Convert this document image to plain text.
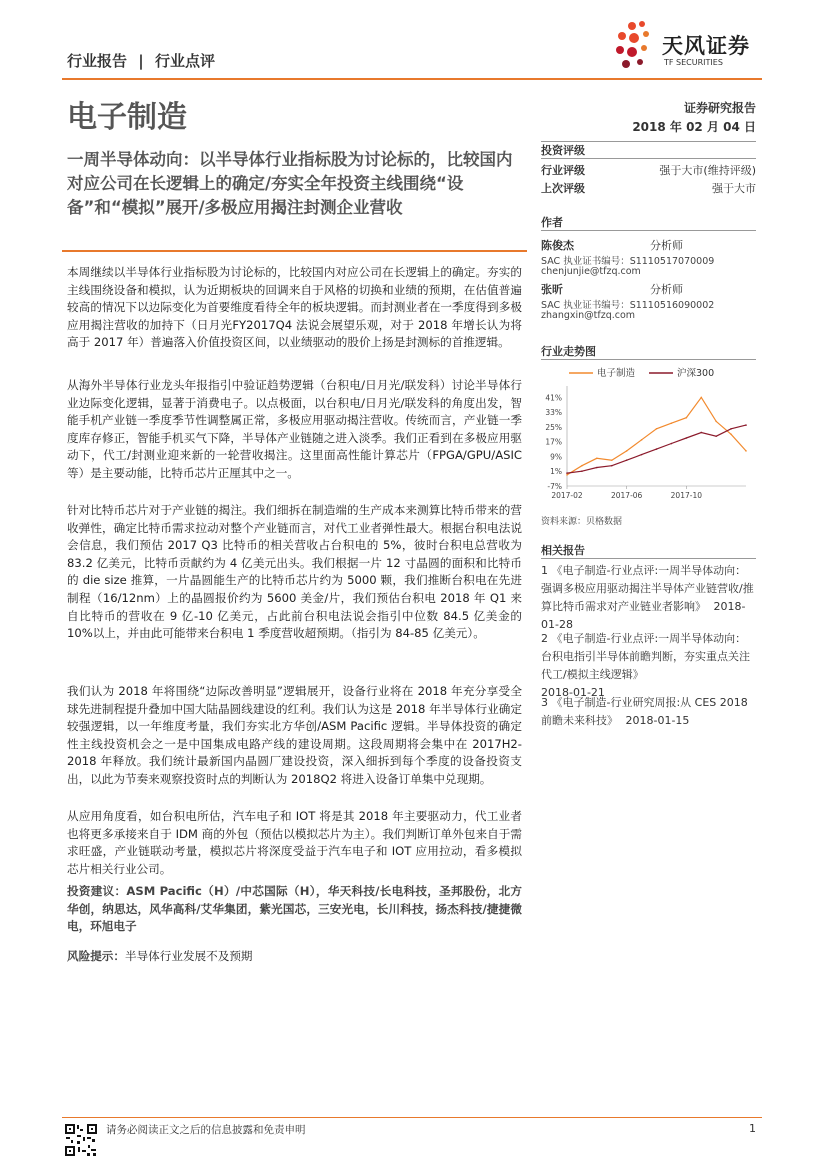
行业报告 | 行业点评
天风证券
TF SECURITIES
电子制造	证券研究报告
2018 年 02 月 04 日
一周半导体动向：以半导体行业指标股为讨论标的，比较国内对应公司在长逻辑上的确定/夯实全年投资主线围绕“设备”和“模拟”展开/多极应用揭注封测企业营收
本周继续以半导体行业指标股为讨论标的，比较国内对应公司在长逻辑上的确定。夯实的主线围绕设备和模拟，认为近期板块的回调来自于风格的切换和业绩的预期，在估值普遍较高的情况下以边际变化为首要维度看待全年的板块逻辑。而封测业者在一季度得到多极应用揭注营收的加持下（日月光FY2017Q4 法说会展望乐观，对于 2018 年增长认为将高于 2017 年）普遍落入价值投资区间，以业绩驱动的股价上扬是封测标的首推逻辑。
从海外半导体行业龙头年报指引中验证趋势逻辑（台积电/日月光/联发科）讨论半导体行业边际变化逻辑，显著于消费电子。以点极面，以台积电/日月光/联发科的角度出发，智能手机产业链一季度季节性调整属正常，多极应用驱动揭注营收。传统而言，产业链一季度库存修正，智能手机买气下降，半导体产业链随之进入淡季。我们正看到在多极应用驱动下，代工/封测业迎来新的一轮营收揭注。这里面高性能计算芯片（FPGA/GPU/ASIC 等）是主要动能，比特币芯片正厘其中之一。
针对比特币芯片对于产业链的揭注。我们细拆在制造端的生产成本来测算比特币带来的营收弹性，确定比特币需求拉动对整个产业链而言，对代工业者弹性最大。根据台积电法说会信息，我们预估 2017 Q3 比特币的相关营收占台积电的 5%，彼时台积电总营收为 83.2 亿美元，比特币贡献约为 4 亿美元出头。我们根据一片 12 寸晶圆的面积和比特币的 die size 推算，一片晶圆能生产的比特币芯片约为 5000 颗，我们推断台积电在先进制程（16/12nm）上的晶圆报价约为 5600 美金/片，我们预估台积电 2018 年 Q1 来自比特币的营收在 9 亿-10 亿美元，占此前台积电法说会指引中位数 84.5 亿美金的 10%以上，并由此可能带来台积电 1 季度营收超预期。（指引为 84-85 亿美元）。
我们认为 2018 年将围绕“边际改善明显”逻辑展开，设备行业将在 2018 年充分享受全球先进制程提升叠加中国大陆晶圆线建设的红利。我们认为这是 2018 年半导体行业确定较强逻辑，以一年维度考量，我们夯实北方华创/ASM Pacific 逻辑。半导体投资的确定性主线投资机会之一是中国集成电路产线的建设周期。这段周期将会集中在 2017H2-2018 年释放。我们统计最新国内晶圆厂建设投资，深入细拆到每个季度的设备投资支出，以此为节奏来观察投资时点的判断认为 2018Q2 将进入设备订单集中兑现期。
从应用角度看，如台积电所估，汽车电子和 IOT 将是其 2018 年主要驱动力，代工业者也将更多承接来自于 IDM 商的外包（预估以模拟芯片为主）。我们判断订单外包来自于需求旺盛，产业链联动考量，模拟芯片将深度受益于汽车电子和 IOT 应用拉动，看多模拟芯片相关行业公司。
投资建议：ASM Pacific（H）/中芯国际（H），华天科技/长电科技，圣邦股份，北方华创，纳思达，风华高科/艾华集团，紫光国芯，三安光电，长川科技，扬杰科技/捷捷微电，环旭电子
风险提示：半导体行业发展不及预期
投资评级
行业评级	强于大市(维持评级)
上次评级	强于大市
作者
陈俊杰	分析师
SAC 执业证书编号：S1110517070009
chenjunjie@tfzq.com
张昕	分析师
SAC 执业证书编号：S1110516090002
zhangxin@tfzq.com
行业走势图
电子制造	沪深300
41%
33%
25%
17%
9%
1%
-7%
2017-02	2017-06	2017-10
资料来源：贝格数据
相关报告
1 《电子制造-行业点评:一周半导体动向：强调多极应用驱动揭注半导体产业链营收/推算比特币需求对产业链业者影响》 2018-01-28
2 《电子制造-行业点评:一周半导体动向：台积电指引半导体前瞻判断，夯实重点关注代工/模拟主线逻辑》
2018-01-21
3 《电子制造-行业研究周报:从 CES 2018 前瞻未来科技》 2018-01-15
请务必阅读正文之后的信息披露和免责申明	1
